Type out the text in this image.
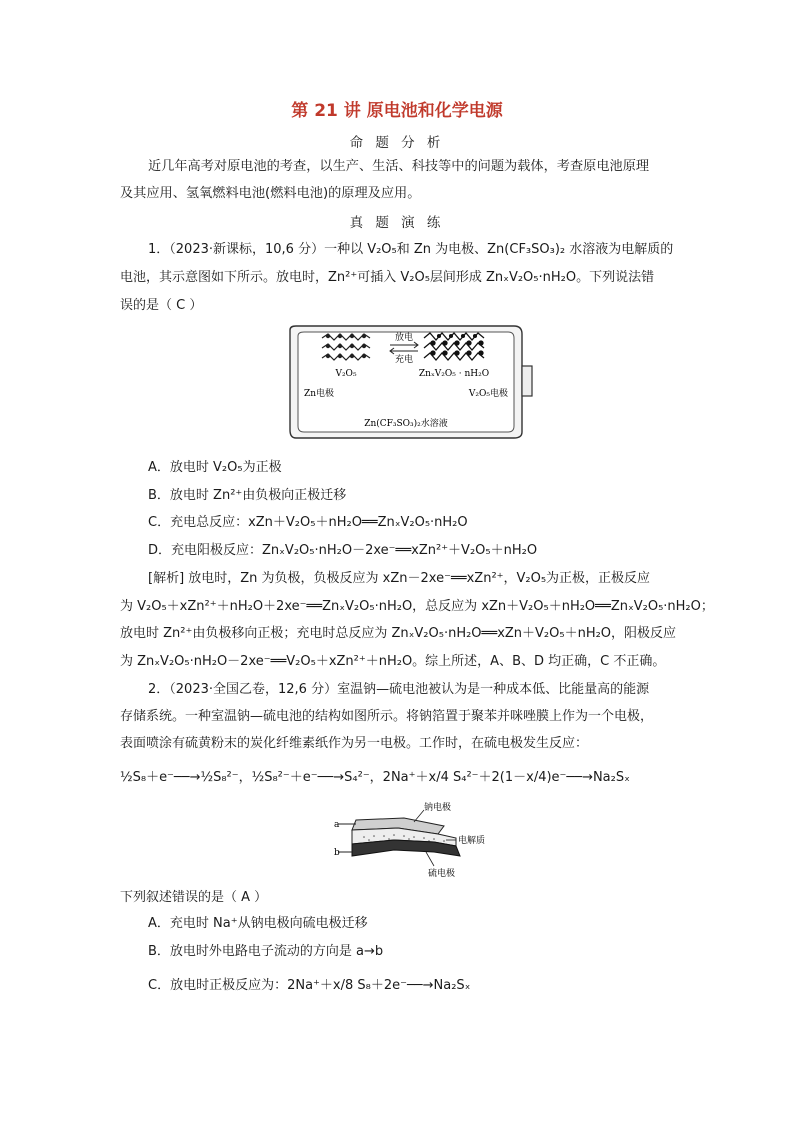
第 21 讲 原电池和化学电源
命 题 分 析
近几年高考对原电池的考查，以生产、生活、科技等中的问题为载体，考查原电池原理
及其应用、氢氧燃料电池(燃料电池)的原理及应用。
真 题 演 练
1．（2023·新课标，10,6 分）一种以 V₂O₅和 Zn 为电极、Zn(CF₃SO₃)₂ 水溶液为电解质的
电池，其示意图如下所示。放电时，Zn²⁺可插入 V₂O₅层间形成 ZnₓV₂O₅·nH₂O。下列说法错
误的是（ C ）
放电
充电
V₂O₅	ZnₓV₂O₅ · nH₂O
Zn电极	V₂O₅电极
Zn(CF₃SO₃)₂水溶液
A．放电时 V₂O₅为正极
B．放电时 Zn²⁺由负极向正极迁移
C．充电总反应：xZn＋V₂O₅＋nH₂O══ZnₓV₂O₅·nH₂O
D．充电阳极反应：ZnₓV₂O₅·nH₂O－2xe⁻══xZn²⁺＋V₂O₅＋nH₂O
[解析] 放电时，Zn 为负极，负极反应为 xZn－2xe⁻══xZn²⁺，V₂O₅为正极，正极反应
为 V₂O₅＋xZn²⁺＋nH₂O＋2xe⁻══ZnₓV₂O₅·nH₂O，总反应为 xZn＋V₂O₅＋nH₂O══ZnₓV₂O₅·nH₂O；
放电时 Zn²⁺由负极移向正极；充电时总反应为 ZnₓV₂O₅·nH₂O══xZn＋V₂O₅＋nH₂O，阳极反应
为 ZnₓV₂O₅·nH₂O－2xe⁻══V₂O₅＋xZn²⁺＋nH₂O。综上所述，A、B、D 均正确，C 不正确。
2．（2023·全国乙卷，12,6 分）室温钠—硫电池被认为是一种成本低、比能量高的能源
存储系统。一种室温钠—硫电池的结构如图所示。将钠箔置于聚苯并咪唑膜上作为一个电极，
表面喷涂有硫黄粉末的炭化纤维素纸作为另一电极。工作时，在硫电极发生反应：
½S₈＋e⁻──→½S₈²⁻，½S₈²⁻＋e⁻──→S₄²⁻，2Na⁺＋x/4 S₄²⁻＋2(1－x/4)e⁻──→Na₂Sₓ
a
b
钠电极
电解质
硫电极
下列叙述错误的是（ A ）
A．充电时 Na⁺从钠电极向硫电极迁移
B．放电时外电路电子流动的方向是 a→b
C．放电时正极反应为：2Na⁺＋x/8 S₈＋2e⁻──→Na₂Sₓ
